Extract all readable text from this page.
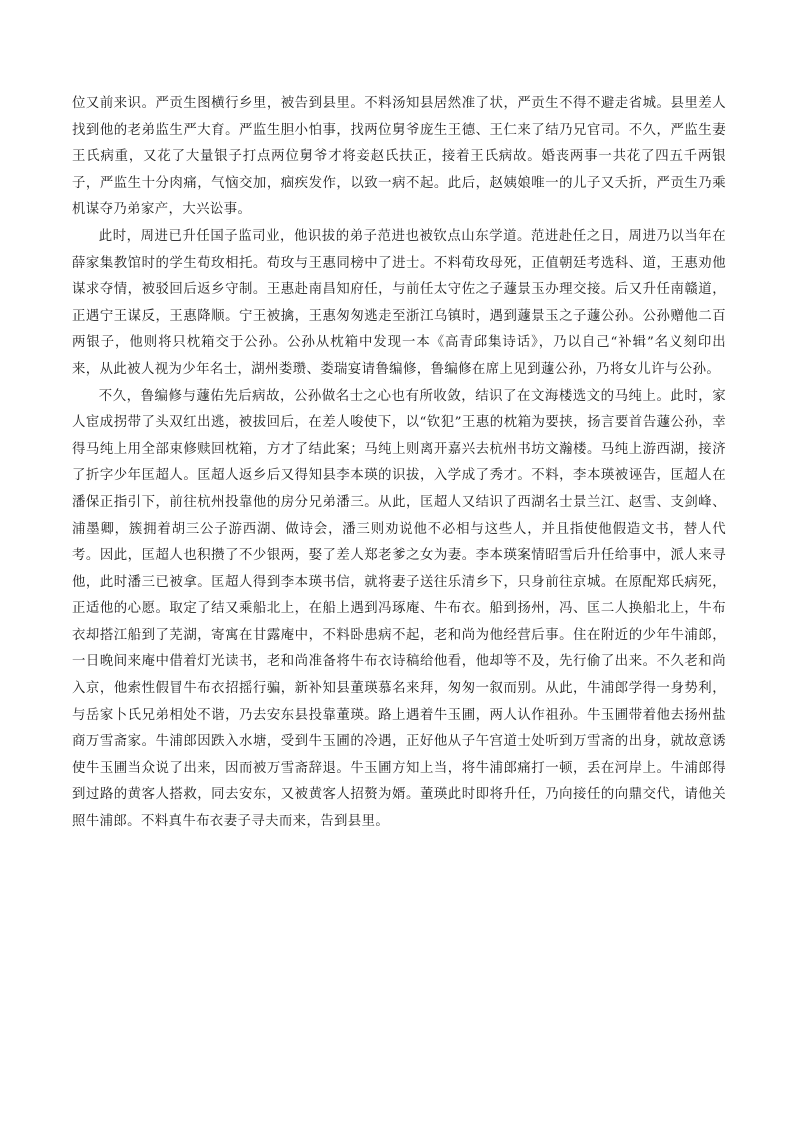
位又前来识。严贡生图横行乡里，被告到县里。不料汤知县居然准了状，严贡生不得不避走省城。县里差人找到他的老弟监生严大育。严监生胆小怕事，找两位舅爷庞生王德、王仁来了结乃兄官司。不久，严监生妻王氏病重，又花了大量银子打点两位舅爷才将妾赵氏扶正，接着王氏病故。婚丧两事一共花了四五千两银子，严监生十分肉痛，气恼交加，痼疾发作，以致一病不起。此后，赵姨娘唯一的儿子又夭折，严贡生乃乘机谋夺乃弟家产，大兴讼事。

此时，周进已升任国子监司业，他识拔的弟子范进也被钦点山东学道。范进赴任之日，周进乃以当年在薛家集教馆时的学生荀玫相托。荀玫与王惠同榜中了进士。不料荀玫母死，正值朝廷考选科、道，王惠劝他谋求夺情，被驳回后返乡守制。王惠赴南昌知府任，与前任太守佐之子蘧景玉办理交接。后又升任南赣道，正遇宁王谋反，王惠降顺。宁王被擒，王惠匆匆逃走至浙江乌镇时，遇到蘧景玉之子蘧公孙。公孙赠他二百两银子，他则将只枕箱交于公孙。公孙从枕箱中发现一本《高青邱集诗话》，乃以自己“补辑”名义刻印出来，从此被人视为少年名士，湖州娄瓒、娄瑞宴请鲁编修，鲁编修在席上见到蘧公孙，乃将女儿许与公孙。

不久，鲁编修与蘧佑先后病故，公孙做名士之心也有所收敛，结识了在文海楼选文的马纯上。此时，家人宦成拐带了头双红出逃，被拔回后，在差人唆使下，以“钦犯”王惠的枕箱为要挟，扬言要首告蘧公孙，幸得马纯上用全部束修赎回枕箱，方才了结此案；马纯上则离开嘉兴去杭州书坊文瀚楼。马纯上游西湖，接济了折字少年匡超人。匡超人返乡后又得知县李本瑛的识拔，入学成了秀才。不料，李本瑛被诬告，匡超人在潘保正指引下，前往杭州投靠他的房分兄弟潘三。从此，匡超人又结识了西湖名士景兰江、赵雪、支剑峰、浦墨卿，簇拥着胡三公子游西湖、做诗会，潘三则劝说他不必相与这些人，并且指使他假造文书，替人代考。因此，匡超人也积攒了不少银两，娶了差人郑老爹之女为妻。李本瑛案情昭雪后升任给事中，派人来寻他，此时潘三已被拿。匡超人得到李本瑛书信，就将妻子送往乐清乡下，只身前往京城。在原配郑氏病死，正适他的心愿。取定了结又乘船北上，在船上遇到冯琢庵、牛布衣。船到扬州，冯、匡二人换船北上，牛布衣却搭江船到了芜湖，寄寓在甘露庵中，不料卧患病不起，老和尚为他经营后事。住在附近的少年牛浦郎，一日晚间来庵中借着灯光读书，老和尚准备将牛布衣诗稿给他看，他却等不及，先行偷了出来。不久老和尚入京，他索性假冒牛布衣招摇行骗，新补知县董瑛慕名来拜，匆匆一叙而别。从此，牛浦郎学得一身势利，与岳家卜氏兄弟相处不谐，乃去安东县投靠董瑛。路上遇着牛玉圃，两人认作祖孙。牛玉圃带着他去扬州盐商万雪斋家。牛浦郎因跌入水塘，受到牛玉圃的冷遇，正好他从子午宫道士处听到万雪斋的出身，就故意诱使牛玉圃当众说了出来，因而被万雪斋辞退。牛玉圃方知上当，将牛浦郎痛打一顿，丢在河岸上。牛浦郎得到过路的黄客人搭救，同去安东，又被黄客人招赘为婿。董瑛此时即将升任，乃向接任的向鼎交代，请他关照牛浦郎。不料真牛布衣妻子寻夫而来，告到县里。
